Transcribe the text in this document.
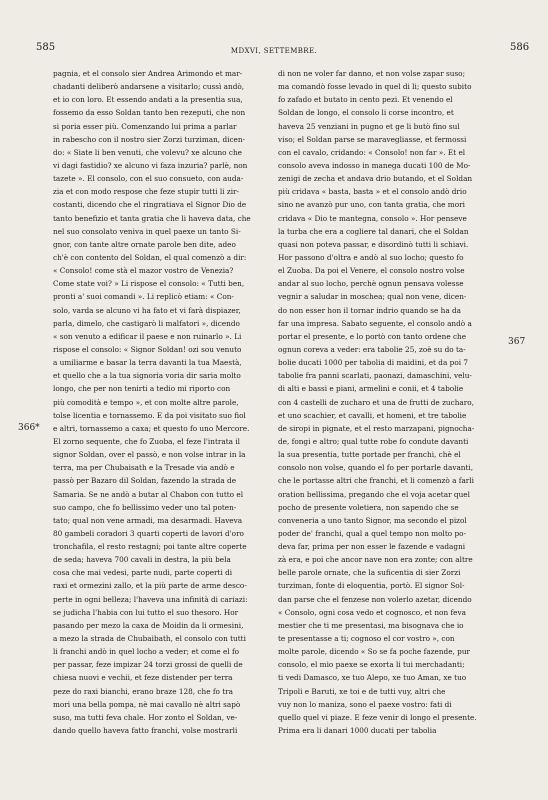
585	MDXVI, SETTEMBRE.	586
366*
367
pagnia, et el consolo sier Andrea Arimondo et mar-
chadanti deliberò andarsene a visitarlo; cussì andò,
et io con loro. Et essendo andati a la presentia sua,
fossemo da esso Soldan tanto ben rezeputi, che non
si poria esser più. Comenzando lui prima a parlar
in rabescho con il nostro sier Zorzi turziman, dicen-
do: « Siate li ben venuti, che volevu? xe alcuno che
vi dagi fastidio? xe alcuno vi faza inzuria? parlè, non
tazete ». El consolo, con el suo consueto, con auda-
zia et con modo respose che feze stupir tutti li zir-
costanti, dicendo che el ringratiava el Signor Dio de
tanto benefizio et tanta gratia che li haveva data, che
nel suo consolato veniva in quel paexe un tanto Si-
gnor, con tante altre ornate parole ben dite, adeo
ch'è con contento del Soldan, el qual comenzò a dir:
« Consolo! come stà el mazor vostro de Venezia?
Come state voi? » Li rispose el consolo: « Tutti ben,
pronti a' suoi comandi ». Li replicò etiam: « Con-
solo, varda se alcuno vi ha fato et vi farà dispiazer,
parla, dimelo, che castigarò li malfatori », dicendo
« son venuto a edificar il paese e non ruinarlo ». Li
rispose el consolo: « Signor Soldan! ozi sou venuto
a umiliarme e basar la terra davanti la tua Maestà,
et quello che a la tua signoria voria dir saria molto
longo, che per non tenirti a tedio mi riporto con
più comodità e tempo », et con molte altre parole,
tolse licentia e tornassemo. E da poi visitato suo fiol
e altri, tornassemo a caxa; et questo fo uno Mercore.
El zorno sequente, che fo Zuoba, el feze l'intrata il
signor Soldan, over el passò, e non volse intrar in la
terra, ma per Chubaisath e la Tresade via andò e
passò per Bazaro dil Soldan, fazendo la strada de
Samaria. Se ne andò a butar al Chabon con tutto el
suo campo, che fo bellissimo veder uno tal poten-
tato; qual non vene armadi, ma desarmadi. Haveva
80 gambeli coradori 3 quarti coperti de lavori d'oro
tronchafila, el resto restagni; poi tante altre coperte
de seda; haveva 700 cavali in destra, la più bela
cosa che mai vedesi, parte nudi, parte coperti di
raxi et ormezini zallo, et la più parte de arme desco-
perte in ogni belleza; l'haveva una infinità di cariazi:
se judicha l'habia con lui tutto el suo thesoro. Hor
pasando per mezo la caxa de Moidin da li ormesini,
a mezo la strada de Chubaibath, el consolo con tutti
li franchi andò in quel locho a veder; et come el fo
per passar, feze impizar 24 torzi grossi de quelli de
chiesa nuovi e vechii, et feze distender per terra
peze do raxi bianchi, erano braze 128, che fo tra
mori una bella pompa, nè mai cavallo nè altri sapò
suso, ma tutti feva chale. Hor zonto el Soldan, ve-
dando quello haveva fatto franchi, volse mostrarli
di non ne voler far danno, et non volse zapar suso;
ma comandò fosse levado in quel di li; questo subito
fo zafado et butato in cento pezi. Et venendo el
Soldan de longo, el consolo li corse incontro, et
haveva 25 venziani in pugno et ge li butò fino sul
viso; el Soldan parse se maravegliasse, et fermossi
con el cavalo, cridando: « Consolo! non far ». Et el
consolo aveva indosso in manega ducati 100 de Mo-
zenigi de zecha et andava drio butando, et el Soldan
più cridava « basta, basta » et el consolo andò drio
sino ne avanzò pur uno, con tanta gratia, che mori
cridava « Dio te mantegna, consolo ». Hor penseve
la turba che era a cogliere tal danari, che el Soldan
quasi non poteva passar, e disordinò tutti li schiavi.
Hor passono d'oltra e andò al suo locho; questo fo
el Zuoba. Da poi el Venere, el consolo nostro volse
andar al suo locho, perchè ognun pensava volesse
vegnir a saludar in moschea; qual non vene, dicen-
do non esser hon il tornar indrio quando se ha da
far una impresa. Sabato seguente, el consolo andò a
portar el presente, e lo portò con tanto ordene che
ognun coreva a veder: era tabolie 25, zoè su do ta-
bolie ducati 1000 per tabolia di maidini, et da poi 7
tabolie fra panni scarlati, paonazi, damaschini, velu-
di alti e bassi e piani, armelini e conii, et 4 tabolie
con 4 castelli de zucharo et una de frutti de zucharo,
et uno scachier, et cavalli, et homeni, et tre tabolie
de siropi in pignate, et el resto marzapani, pignocha-
de, fongi e altro; qual tutte robe fo condute davanti
la sua presentia, tutte portade per franchi, chè el
consolo non volse, quando el fo per portarle davanti,
che le portasse altri che franchi, et li comenzò a farli
oration bellissima, pregando che el voja acetar quel
pocho de presente voletiera, non sapendo che se
conveneria a uno tanto Signor, ma secondo el pizol
poder de' franchi, qual a quel tempo non molto po-
deva far, prima per non esser le fazende e vadagni
zà era, e poi che ancor nave non era zonte; con altre
belle parole ornate, che la suficentia di sier Zorzi
turziman, fonte di eloquentia, portò. El signor Sol-
dan parse che el fenzese non volerlo azetar, dicendo
« Consolo, ogni cosa vedo et cognosco, et non feva
mestier che ti me presentasi, ma bisognava che io
te presentasse a ti; cognoso el cor vostro », con
molte parole, dicendo « So se fa poche fazende, pur
consolo, el mio paexe se exorta li tui merchadanti;
ti vedi Damasco, xe tuo Alepo, xe tuo Aman, xe tuo
Tripoli e Baruti, xe toi e de tutti vuy, altri che
vuy non lo maniza, sono el paexe vostro: fati di
quello quel vi piaze. E feze venir di longo el presente.
Prima era li danari 1000 ducati per tabolia
